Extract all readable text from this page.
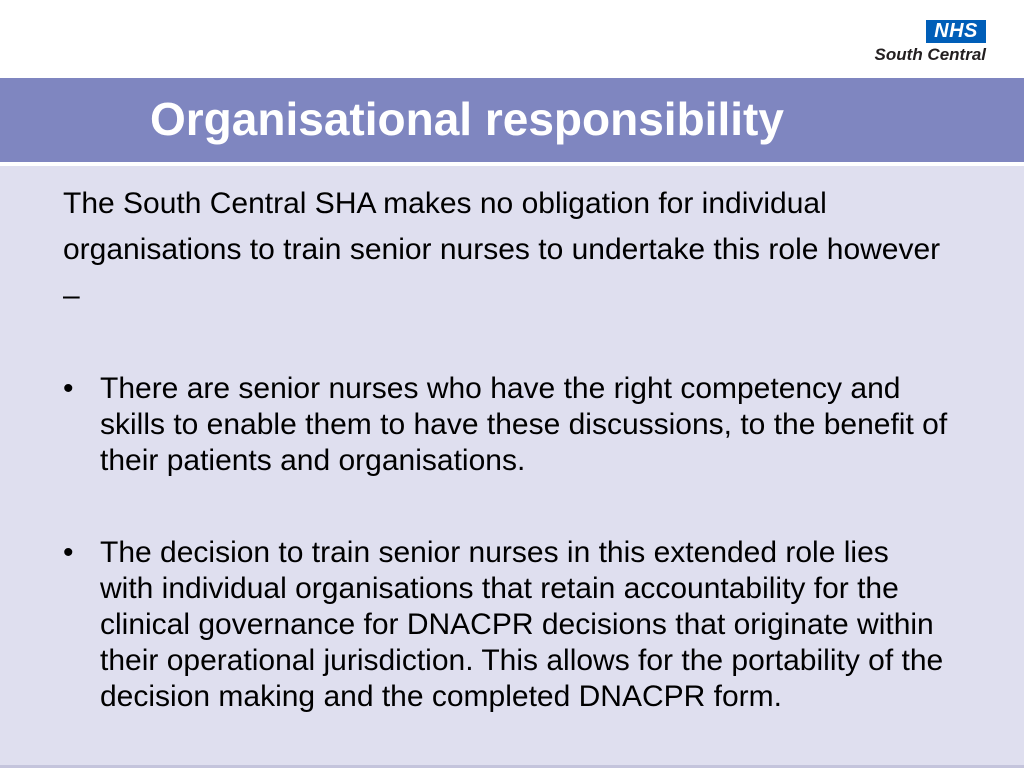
NHS
South Central
Organisational responsibility

The South Central SHA makes no obligation for individual organisations to train senior nurses to undertake this role however –

• There are senior nurses who have the right competency and skills to enable them to have these discussions, to the benefit of their patients and organisations.
• The decision to train senior nurses in this extended role lies with individual organisations that retain accountability for the clinical governance for DNACPR decisions that originate within their operational jurisdiction. This allows for the portability of the decision making and the completed DNACPR form.
